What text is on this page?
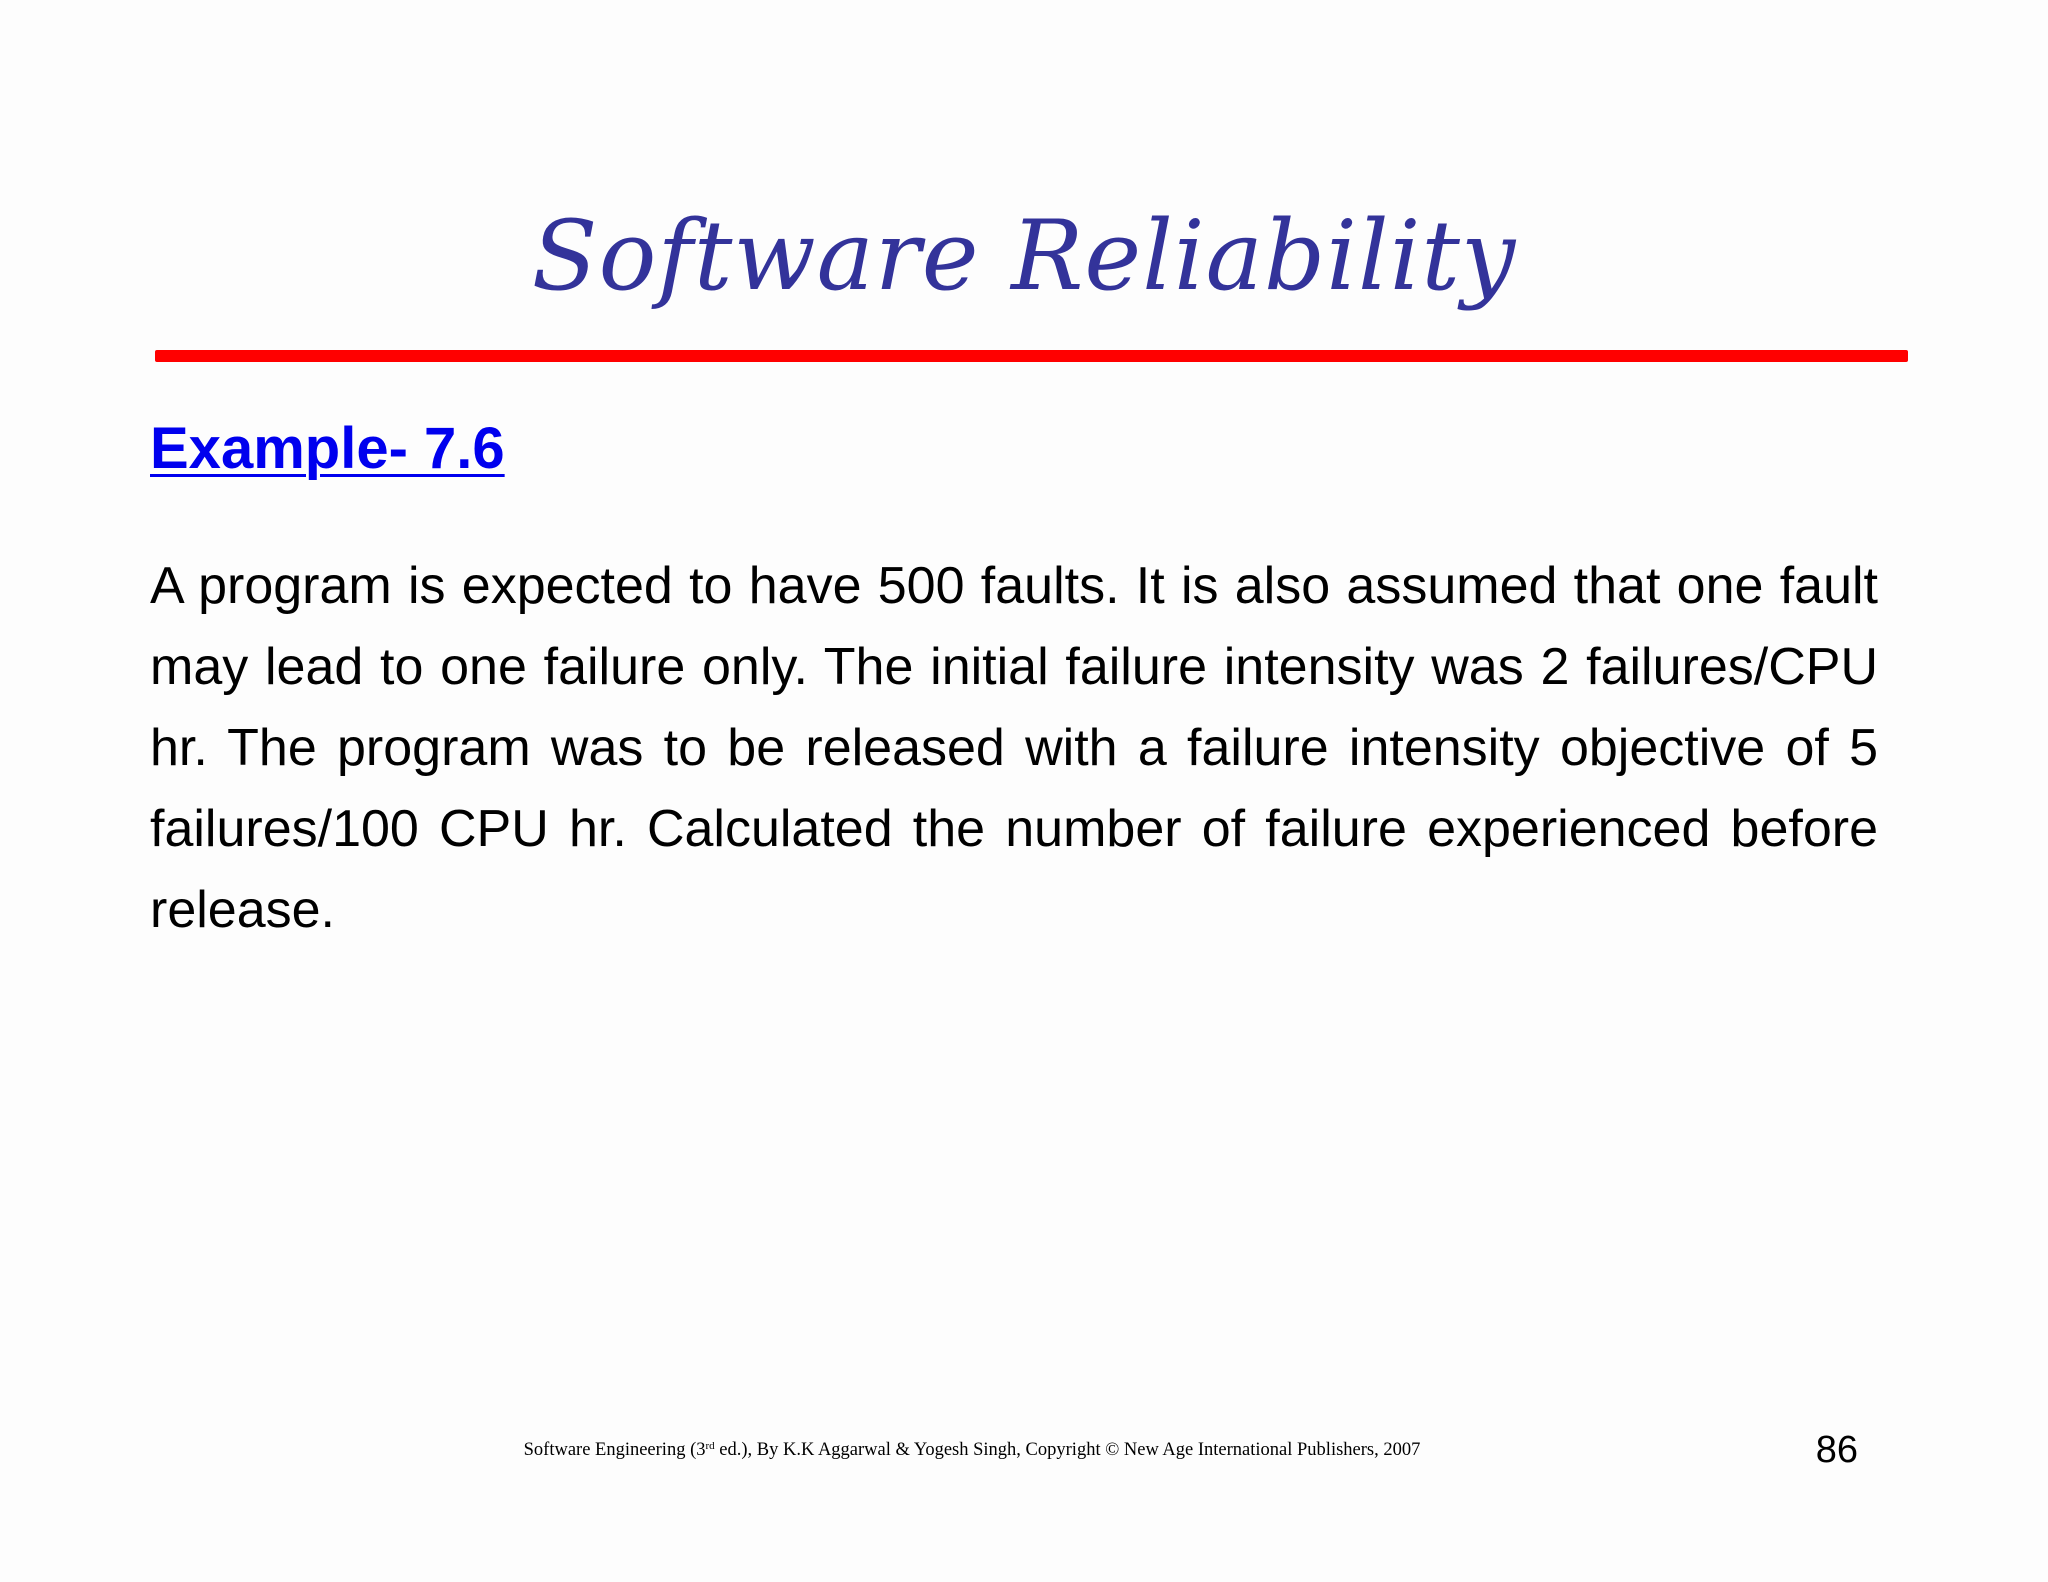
Software Reliability
Example- 7.6
A program is expected to have 500 faults. It is also assumed that one fault may lead to one failure only. The initial failure intensity was 2 failures/CPU hr. The program was to be released with a failure intensity objective of 5 failures/100 CPU hr. Calculated the number of failure experienced before release.
Software Engineering (3rd ed.), By K.K Aggarwal & Yogesh Singh, Copyright © New Age International Publishers, 2007	86
